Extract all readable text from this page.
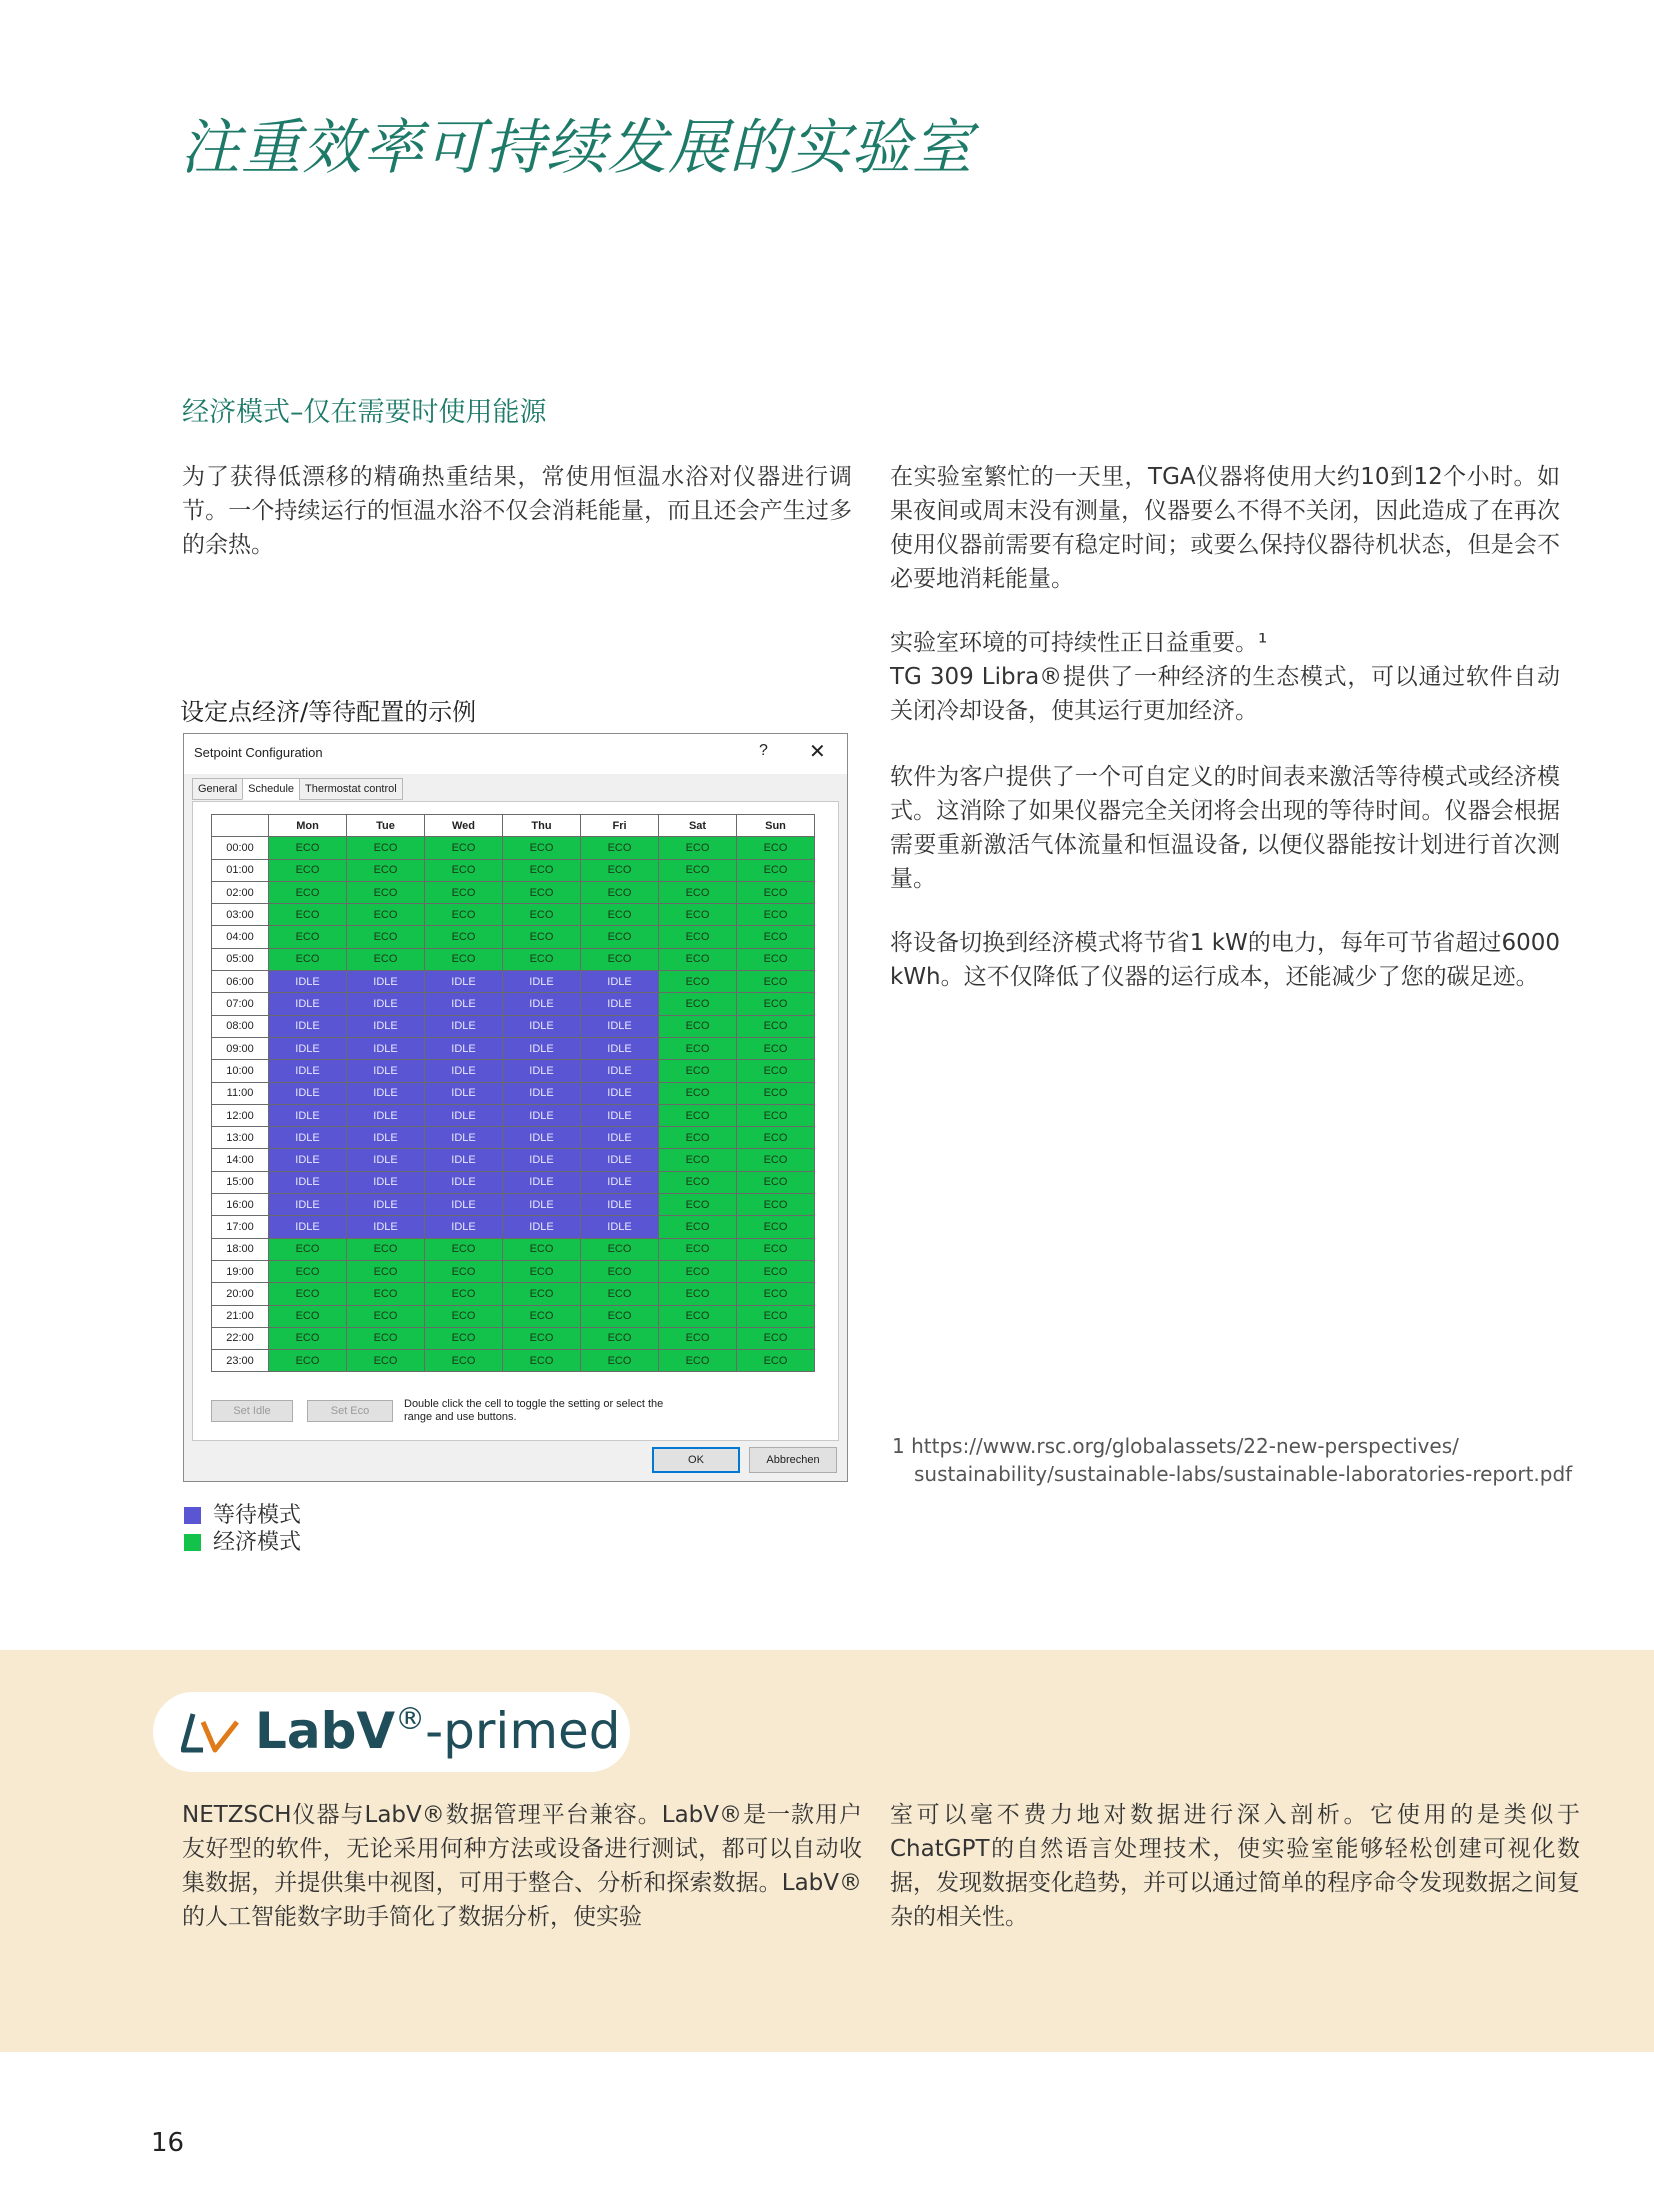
注重效率可持续发展的实验室
经济模式–仅在需要时使用能源

为了获得低漂移的精确热重结果，常使用恒温水浴对仪器进行调节。一个持续运行的恒温水浴不仅会消耗能量，而且还会产生过多的余热。

在实验室繁忙的一天里，TGA仪器将使用大约10到12个小时。如果夜间或周末没有测量，仪器要么不得不关闭，因此造成了在再次使用仪器前需要有稳定时间；或要么保持仪器待机状态，但是会不必要地消耗能量。

实验室环境的可持续性正日益重要。¹

TG 309 Libra®提供了一种经济的生态模式，可以通过软件自动关闭冷却设备，使其运行更加经济。

软件为客户提供了一个可自定义的时间表来激活等待模式或经济模式。这消除了如果仪器完全关闭将会出现的等待时间。仪器会根据需要重新激活气体流量和恒温设备, 以便仪器能按计划进行首次测量。

将设备切换到经济模式将节省1 kW的电力，每年可节省超过6000 kWh。这不仅降低了仪器的运行成本，还能减少了您的碳足迹。

设定点经济/等待配置的示例

Setpoint Configuration	? ✕
General Schedule Thermostat control
	Mon	Tue	Wed	Thu	Fri	Sat	Sun
00:00	ECO	ECO	ECO	ECO	ECO	ECO	ECO
01:00	ECO	ECO	ECO	ECO	ECO	ECO	ECO
02:00	ECO	ECO	ECO	ECO	ECO	ECO	ECO
03:00	ECO	ECO	ECO	ECO	ECO	ECO	ECO
04:00	ECO	ECO	ECO	ECO	ECO	ECO	ECO
05:00	ECO	ECO	ECO	ECO	ECO	ECO	ECO
06:00	IDLE	IDLE	IDLE	IDLE	IDLE	ECO	ECO
07:00	IDLE	IDLE	IDLE	IDLE	IDLE	ECO	ECO
08:00	IDLE	IDLE	IDLE	IDLE	IDLE	ECO	ECO
09:00	IDLE	IDLE	IDLE	IDLE	IDLE	ECO	ECO
10:00	IDLE	IDLE	IDLE	IDLE	IDLE	ECO	ECO
11:00	IDLE	IDLE	IDLE	IDLE	IDLE	ECO	ECO
12:00	IDLE	IDLE	IDLE	IDLE	IDLE	ECO	ECO
13:00	IDLE	IDLE	IDLE	IDLE	IDLE	ECO	ECO
14:00	IDLE	IDLE	IDLE	IDLE	IDLE	ECO	ECO
15:00	IDLE	IDLE	IDLE	IDLE	IDLE	ECO	ECO
16:00	IDLE	IDLE	IDLE	IDLE	IDLE	ECO	ECO
17:00	IDLE	IDLE	IDLE	IDLE	IDLE	ECO	ECO
18:00	ECO	ECO	ECO	ECO	ECO	ECO	ECO
19:00	ECO	ECO	ECO	ECO	ECO	ECO	ECO
20:00	ECO	ECO	ECO	ECO	ECO	ECO	ECO
21:00	ECO	ECO	ECO	ECO	ECO	ECO	ECO
22:00	ECO	ECO	ECO	ECO	ECO	ECO	ECO
23:00	ECO	ECO	ECO	ECO	ECO	ECO	ECO
Set Idle	Set Eco
Double click the cell to toggle the setting or select the range and use buttons.
OK	Abbrechen
等待模式
经济模式

1 https://www.rsc.org/globalassets/22-new-perspectives/
sustainability/sustainable-labs/sustainable-laboratories-report.pdf

LabV®-primed

NETZSCH仪器与LabV®数据管理平台兼容。LabV®是一款用户友好型的软件，无论采用何种方法或设备进行测试，都可以自动收集数据，并提供集中视图，可用于整合、分析和探索数据。LabV®的人工智能数字助手简化了数据分析，使实验

室可以毫不费力地对数据进行深入剖析。它使用的是类似于ChatGPT的自然语言处理技术，使实验室能够轻松创建可视化数据，发现数据变化趋势，并可以通过简单的程序命令发现数据之间复杂的相关性。

16
